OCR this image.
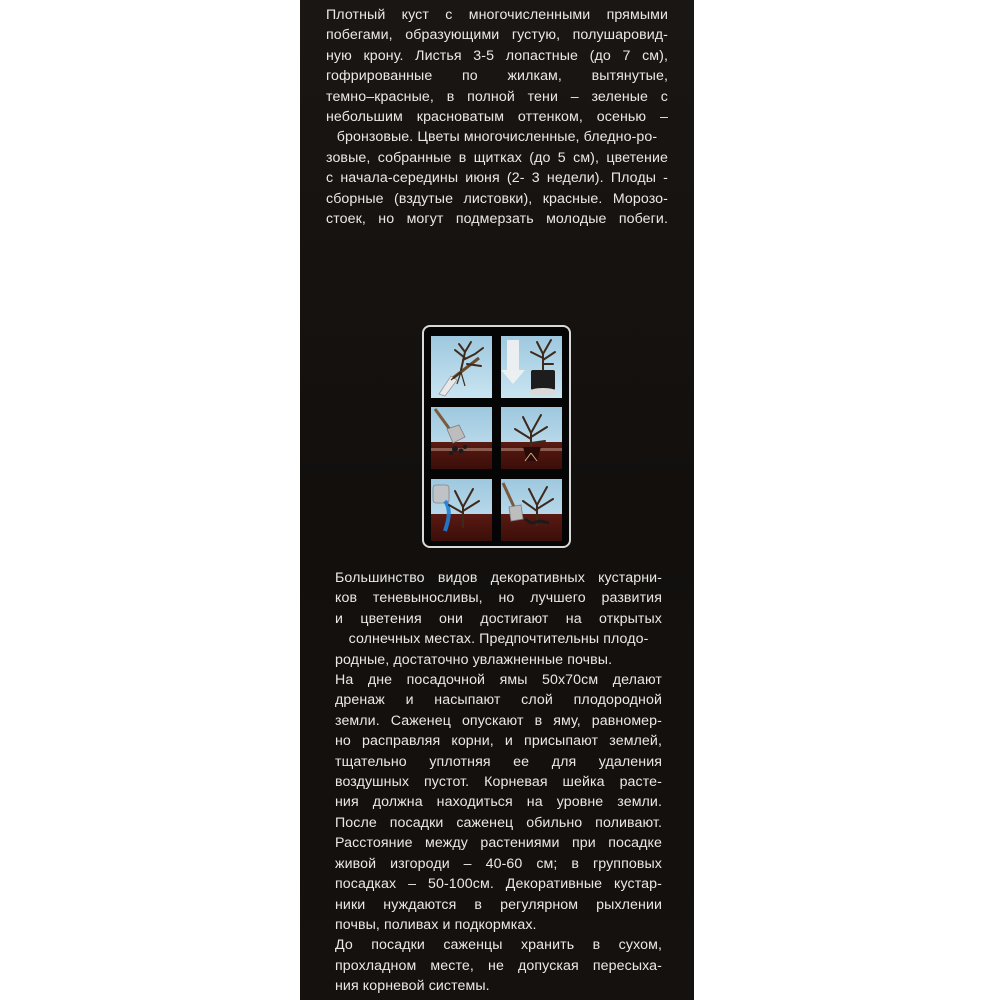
Плотный куст с многочисленными прямыми
побегами, образующими густую, полушаровид-
ную крону. Листья 3-5 лопастные (до 7 см),
гофрированные по жилкам, вытянутые,
темно–красные, в полной тени – зеленые с
небольшим красноватым оттенком, осенью –
бронзовые. Цветы многочисленные, бледно-ро-
зовые, собранные в щитках (до 5 см), цветение
с начала-середины июня (2- 3 недели). Плоды -
сборные (вздутые листовки), красные. Морозо-
стоек, но могут подмерзать молодые побеги.
Большинство видов декоративных кустарни-
ков теневыносливы, но лучшего развития
и цветения они достигают на открытых
солнечных местах. Предпочтительны плодо-
родные, достаточно увлажненные почвы.
На дне посадочной ямы 50х70см делают
дренаж и насыпают слой плодородной
земли. Саженец опускают в яму, равномер-
но расправляя корни, и присыпают землей,
тщательно уплотняя ее для удаления
воздушных пустот. Корневая шейка расте-
ния должна находиться на уровне земли.
После посадки саженец обильно поливают.
Расстояние между растениями при посадке
живой изгороди – 40-60 см; в групповых
посадках – 50-100см. Декоративные кустар-
ники нуждаются в регулярном рыхлении
почвы, поливах и подкормках.
До посадки саженцы хранить в сухом,
прохладном месте, не допуская пересыха-
ния корневой системы.
